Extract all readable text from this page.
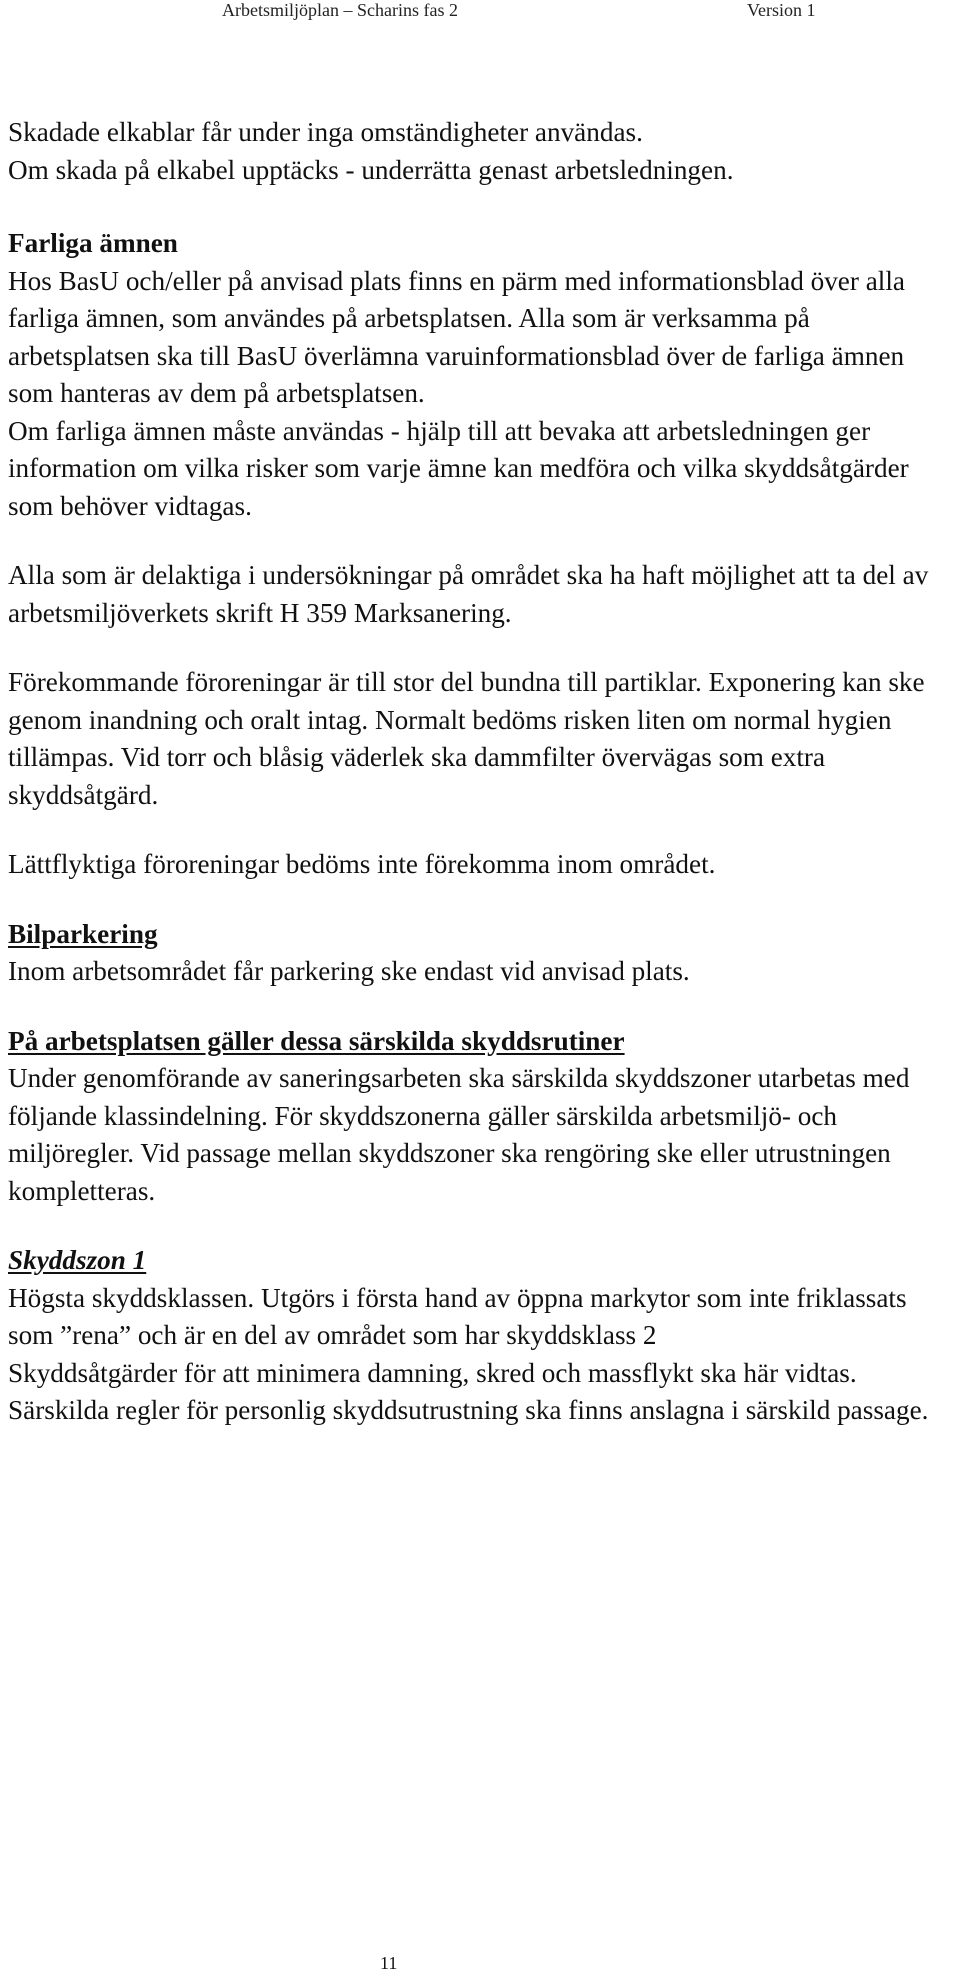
Arbetsmiljöplan – Scharins fas 2	Version 1

Skadade elkablar får under inga omständigheter användas.

Om skada på elkabel upptäcks - underrätta genast arbetsledningen.

Farliga ämnen

Hos BasU och/eller på anvisad plats finns en pärm med informationsblad över alla farliga ämnen, som användes på arbetsplatsen. Alla som är verksamma på arbetsplatsen ska till BasU överlämna varuinformationsblad över de farliga ämnen som hanteras av dem på arbetsplatsen.

Om farliga ämnen måste användas - hjälp till att bevaka att arbetsledningen ger information om vilka risker som varje ämne kan medföra och vilka skyddsåtgärder som behöver vidtagas.

Alla som är delaktiga i undersökningar på området ska ha haft möjlighet att ta del av arbetsmiljöverkets skrift H 359 Marksanering.

Förekommande föroreningar är till stor del bundna till partiklar. Exponering kan ske genom inandning och oralt intag. Normalt bedöms risken liten om normal hygien tillämpas. Vid torr och blåsig väderlek ska dammfilter övervägas som extra skyddsåtgärd.

Lättflyktiga föroreningar bedöms inte förekomma inom området.

Bilparkering

Inom arbetsområdet får parkering ske endast vid anvisad plats.

På arbetsplatsen gäller dessa särskilda skyddsrutiner

Under genomförande av saneringsarbeten ska särskilda skyddszoner utarbetas med följande klassindelning. För skyddszonerna gäller särskilda arbetsmiljö- och miljöregler. Vid passage mellan skyddszoner ska rengöring ske eller utrustningen kompletteras.

Skyddszon 1

Högsta skyddsklassen. Utgörs i första hand av öppna markytor som inte friklassats som ”rena” och är en del av området som har skyddsklass 2

Skyddsåtgärder för att minimera damning, skred och massflykt ska här vidtas.

Särskilda regler för personlig skyddsutrustning ska finns anslagna i särskild passage.

11
